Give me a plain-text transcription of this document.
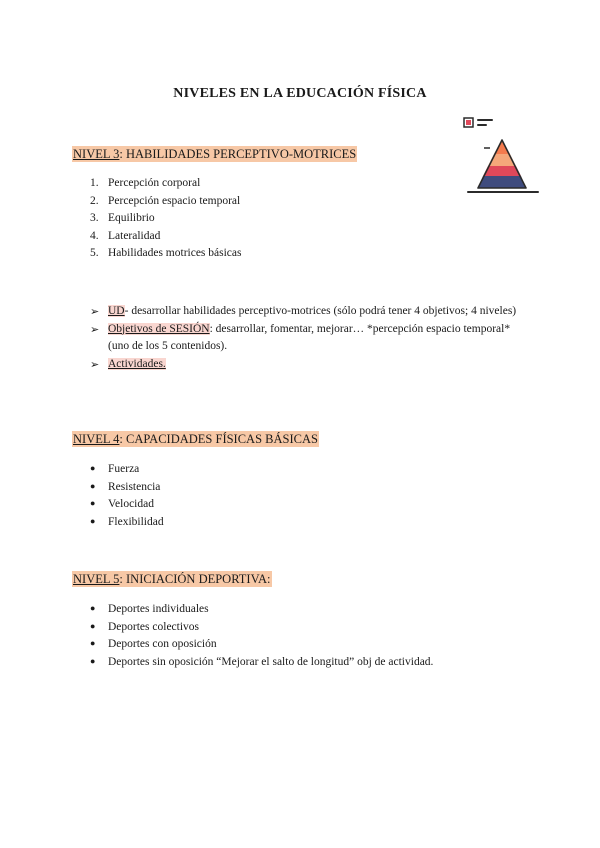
NIVELES EN LA EDUCACIÓN FÍSICA
NIVEL 3: HABILIDADES PERCEPTIVO-MOTRICES
1. Percepción corporal
2. Percepción espacio temporal
3. Equilibrio
4. Lateralidad
5. Habilidades motrices básicas
➢ UD- desarrollar habilidades perceptivo-motrices (sólo podrá tener 4 objetivos; 4 niveles)
➢ Objetivos de SESIÓN: desarrollar, fomentar, mejorar… *percepción espacio temporal* (uno de los 5 contenidos).
➢ Actividades.
NIVEL 4: CAPACIDADES FÍSICAS BÁSICAS
● Fuerza
● Resistencia
● Velocidad
● Flexibilidad
NIVEL 5: INICIACIÓN DEPORTIVA:
● Deportes individuales
● Deportes colectivos
● Deportes con oposición
● Deportes sin oposición “Mejorar el salto de longitud” obj de actividad.
